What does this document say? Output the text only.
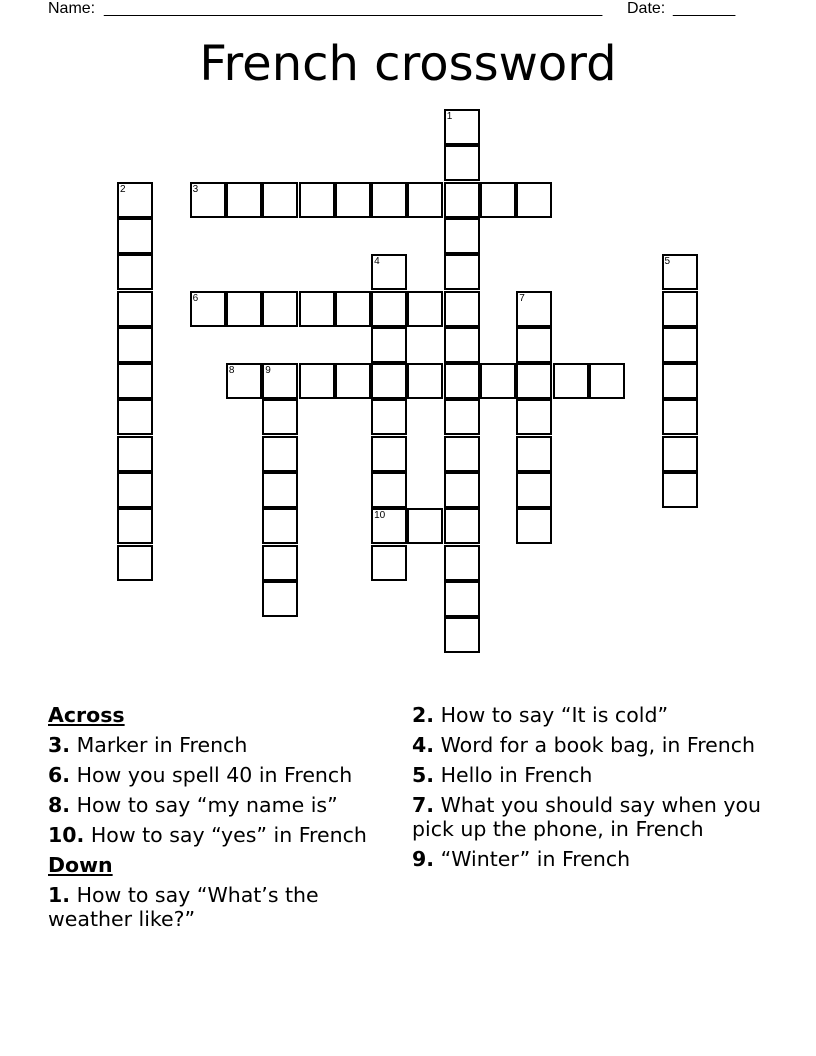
Name: ________________________________________________________ Date: _______
French crossword
1
2	3
4	5
6	7
8	9
10
Across
3. Marker in French
6. How you spell 40 in French
8. How to say “my name is”
10. How to say “yes” in French
Down
1. How to say “What’s the weather like?”
2. How to say “It is cold”
4. Word for a book bag, in French
5. Hello in French
7. What you should say when you pick up the phone, in French
9. “Winter” in French
